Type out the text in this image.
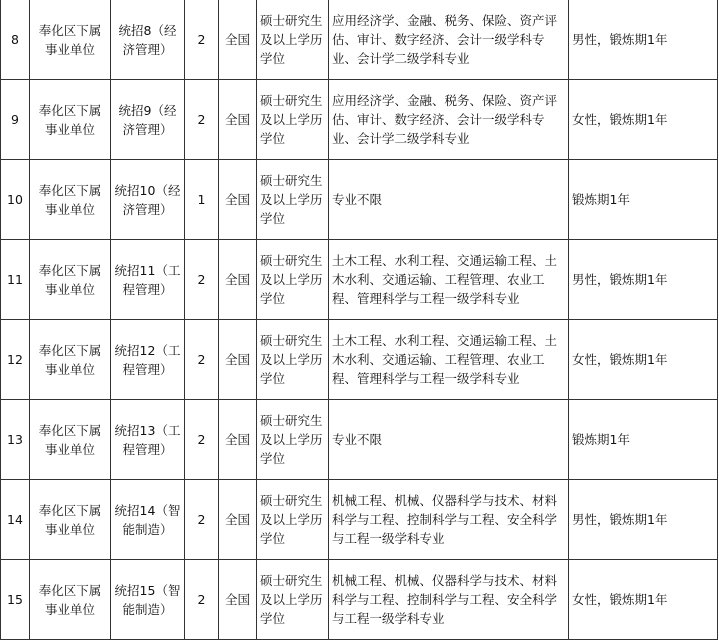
8	奉化区下属事业单位	统招8（经济管理）	2	全国	硕士研究生及以上学历学位	应用经济学、金融、税务、保险、资产评估、审计、数字经济、会计一级学科专业、会计学二级学科专业	男性，锻炼期1年
9	奉化区下属事业单位	统招9（经济管理）	2	全国	硕士研究生及以上学历学位	应用经济学、金融、税务、保险、资产评估、审计、数字经济、会计一级学科专业、会计学二级学科专业	女性，锻炼期1年
10	奉化区下属事业单位	统招10（经济管理）	1	全国	硕士研究生及以上学历学位	专业不限	锻炼期1年
11	奉化区下属事业单位	统招11（工程管理）	2	全国	硕士研究生及以上学历学位	土木工程、水利工程、交通运输工程、土木水利、交通运输、工程管理、农业工程、管理科学与工程一级学科专业	男性，锻炼期1年
12	奉化区下属事业单位	统招12（工程管理）	2	全国	硕士研究生及以上学历学位	土木工程、水利工程、交通运输工程、土木水利、交通运输、工程管理、农业工程、管理科学与工程一级学科专业	女性，锻炼期1年
13	奉化区下属事业单位	统招13（工程管理）	2	全国	硕士研究生及以上学历学位	专业不限	锻炼期1年
14	奉化区下属事业单位	统招14（智能制造）	2	全国	硕士研究生及以上学历学位	机械工程、机械、仪器科学与技术、材料科学与工程、控制科学与工程、安全科学与工程一级学科专业	男性，锻炼期1年
15	奉化区下属事业单位	统招15（智能制造）	2	全国	硕士研究生及以上学历学位	机械工程、机械、仪器科学与技术、材料科学与工程、控制科学与工程、安全科学与工程一级学科专业	女性，锻炼期1年
